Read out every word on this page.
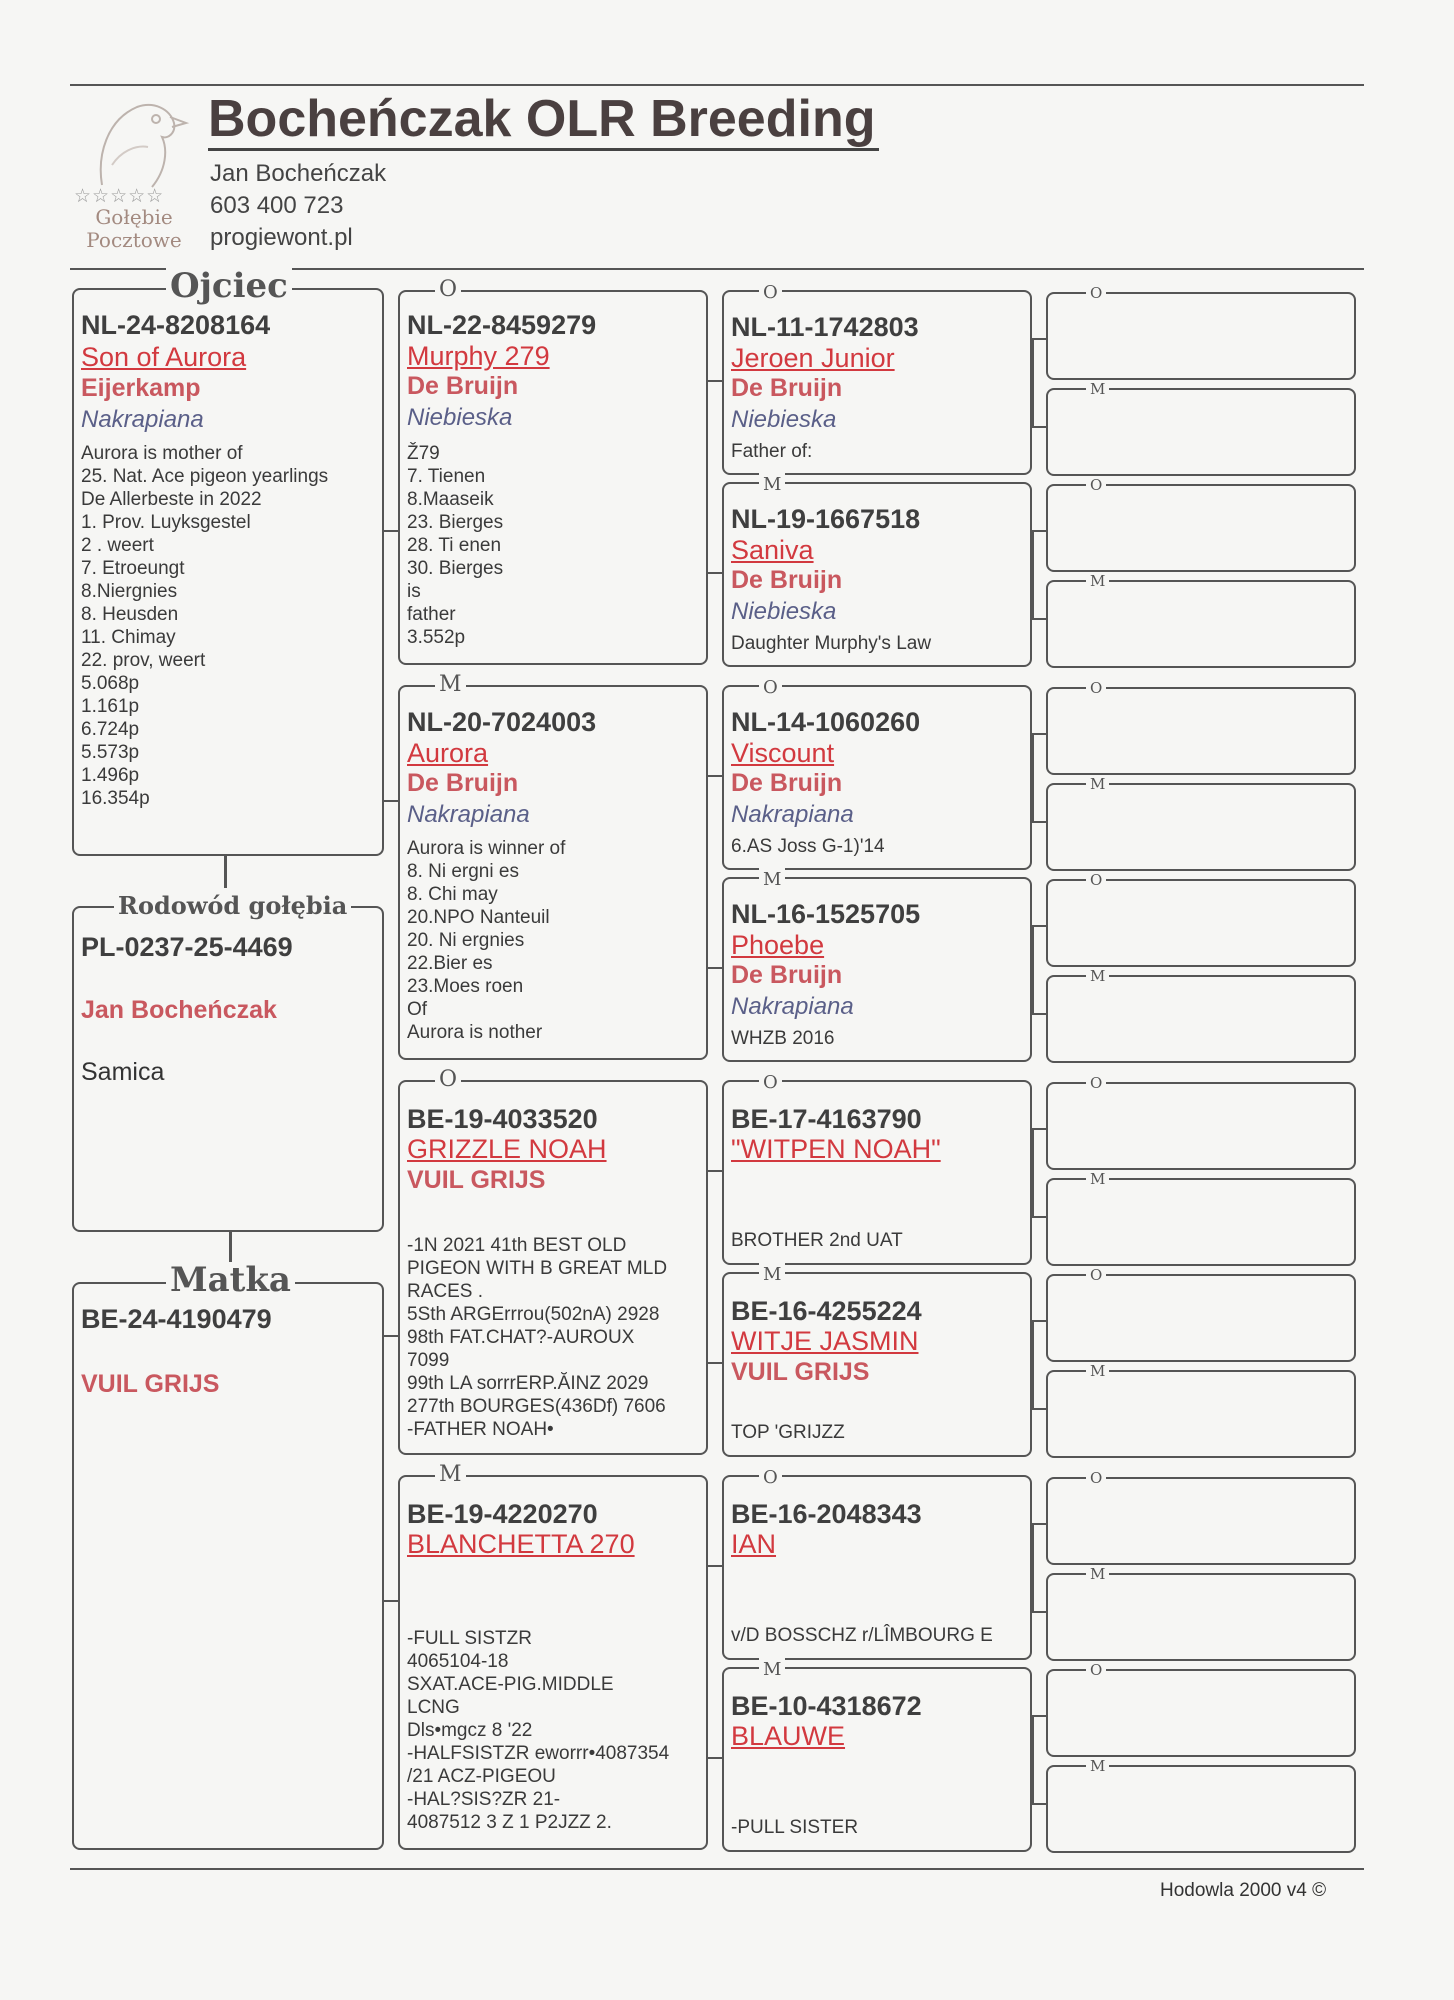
☆☆☆☆☆
Gołębie
Pocztowe
Bocheńczak OLR Breeding
Jan Bocheńczak
603 400 723
progiewont.pl
Ojciec
NL-24-8208164
Son of Aurora
Eijerkamp
Nakrapiana
Aurora is mother of
25. Nat. Ace pigeon yearlings
De Allerbeste in 2022
1. Prov. Luyksgestel
2 . weert
7. Etroeungt
8.Niergnies
8. Heusden
11. Chimay
22. prov, weert
5.068p
1.161p
6.724p
5.573p
1.496p
16.354p
Rodowód gołębia
PL-0237-25-4469
Jan Bocheńczak
Samica
Matka
BE-24-4190479
VUIL GRIJS
O
NL-22-8459279
Murphy 279
De Bruijn
Niebieska
Ž79
7. Tienen
8.Maaseik
23. Bierges
28. Ti enen
30. Bierges
is
father
3.552p
M
NL-20-7024003
Aurora
De Bruijn
Nakrapiana
Aurora is winner of
8. Ni ergni es
8. Chi may
20.NPO Nanteuil
20. Ni ergnies
22.Bier es
23.Moes roen
Of
Aurora is nother
O
BE-19-4033520
GRIZZLE NOAH
VUIL GRIJS
-1N 2021 41th BEST OLD
PIGEON WITH B GREAT MLD
RACES .
5Sth ARGErrrou(502nA) 2928
98th FAT.CHAT?-AUROUX
7099
99th LA sorrrERP.ĂINZ 2029
277th BOURGES(436Df) 7606
-FATHER NOAH•
M
BE-19-4220270
BLANCHETTA 270
-FULL SISTZR
4065104-18
SXAT.ACE-PIG.MIDDLE
LCNG
Dls•mgcz 8 '22
-HALFSISTZR eworrr•4087354
/21 ACZ-PIGEOU
-HAL?SIS?ZR 21-
4087512 3 Z 1 P2JZZ 2.
O
NL-11-1742803
Jeroen Junior
De Bruijn
Niebieska
Father of:
M
NL-19-1667518
Saniva
De Bruijn
Niebieska
Daughter Murphy's Law
O
NL-14-1060260
Viscount
De Bruijn
Nakrapiana
6.AS Joss G-1)'14
M
NL-16-1525705
Phoebe
De Bruijn
Nakrapiana
WHZB 2016
O
BE-17-4163790
"WITPEN NOAH"
BROTHER 2nd UAT
M
BE-16-4255224
WITJE JASMIN
VUIL GRIJS
TOP 'GRIJZZ
O
BE-16-2048343
IAN
v/D BOSSCHZ r/LÎMBOURG E
M
BE-10-4318672
BLAUWE
-PULL SISTER
O
M
O
M
O
M
O
M
O
M
O
M
O
M
O
M
Hodowla 2000 v4 ©
